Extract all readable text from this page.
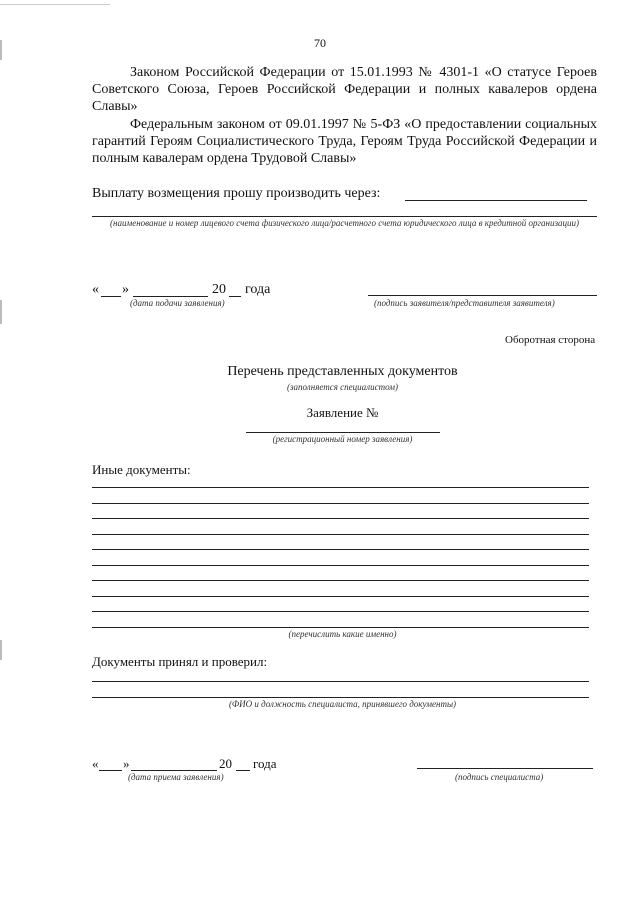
70
Законом Российской Федерации от 15.01.1993 № 4301-1 «О статусе Героев Советского Союза, Героев Российской Федерации и полных кавалеров ордена Славы»
Федеральным законом от 09.01.1997 № 5-ФЗ «О предоставлении социальных гарантий Героям Социалистического Труда, Героям Труда Российской Федерации и полным кавалерам ордена Трудовой Славы»
Выплату возмещения прошу производить через:
(наименование и номер лицевого счета физического лица/расчетного счета юридического лица в кредитной организации)
« »	20 года
(дата подачи заявления)	(подпись заявителя/представителя заявителя)
Оборотная сторона
Перечень представленных документов
(заполняется специалистом)
Заявление №
(регистрационный номер заявления)
Иные документы:
(перечислить какие именно)
Документы принял и проверил:
(ФИО и должность специалиста, принявшего документы)
« »	20 года
(дата приема заявления)	(подпись специалиста)
